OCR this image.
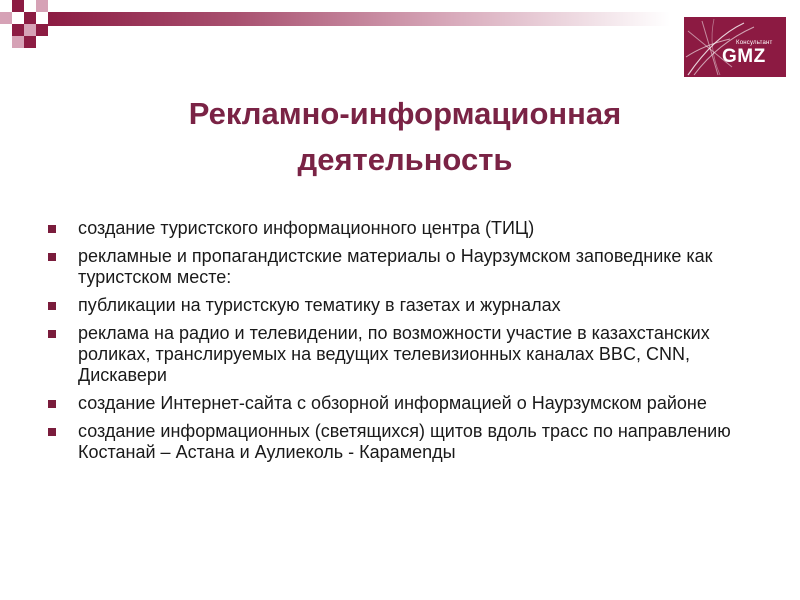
Консультант
GMZ
Рекламно-информационная
деятельность
создание туристского информационного центра (ТИЦ)
рекламные и пропагандистские материалы о Наурзумском заповеднике как туристском месте:
публикации на туристскую тематику в газетах и журналах
реклама на радио и телевидении, по возможности участие в казахстанских роликах, транслируемых на ведущих телевизионных каналах BBC, CNN, Дискавери
создание Интернет-сайта с обзорной информацией о Наурзумском районе
создание информационных (светящихся) щитов вдоль трасс по направлению Костанай – Астана и Аулиеколь - Карамenды
